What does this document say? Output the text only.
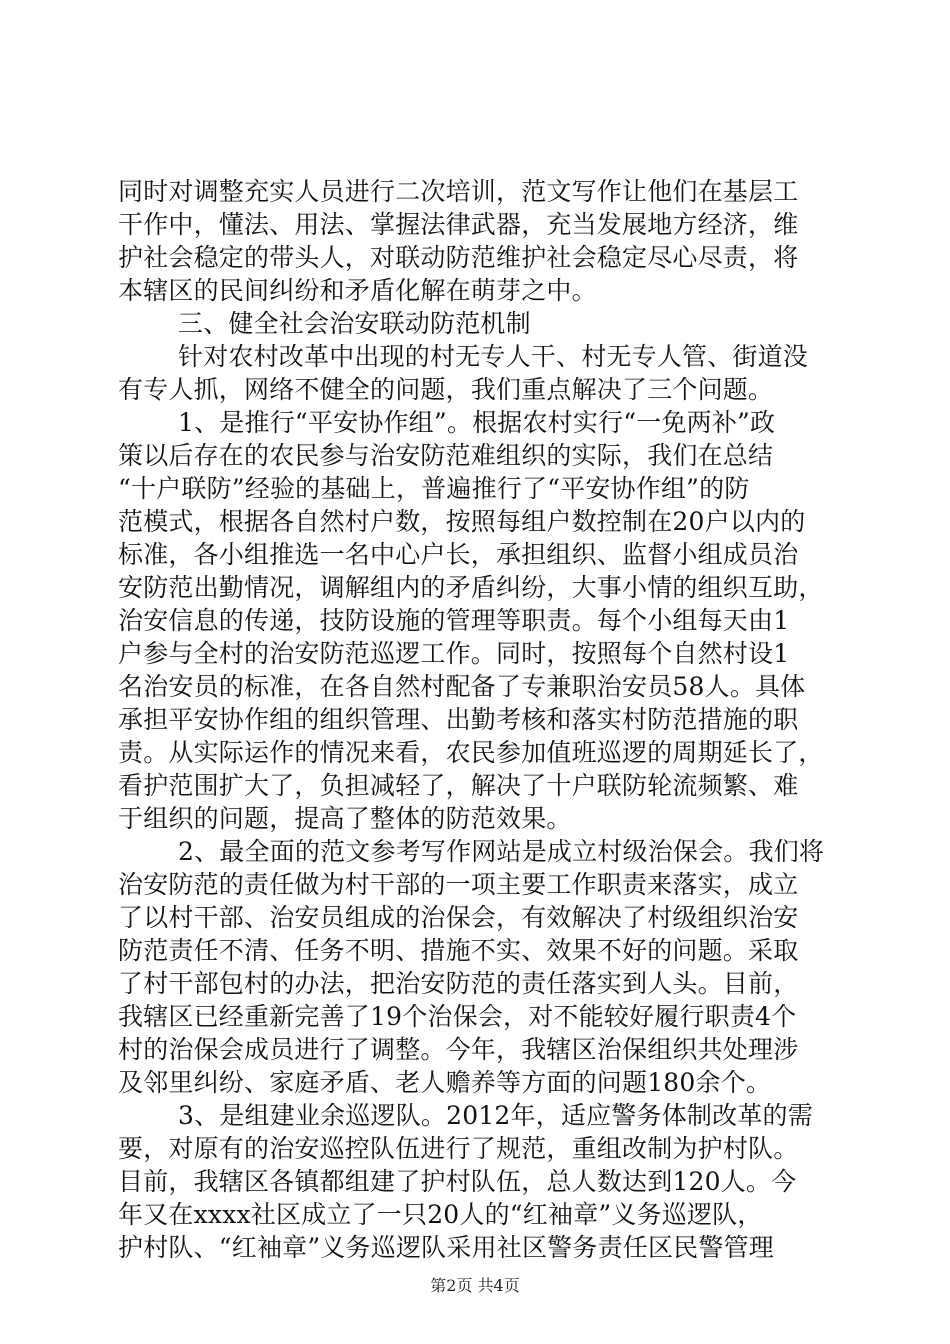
同时对调整充实人员进行二次培训，范文写作让他们在基层工
干作中，懂法、用法、掌握法律武器，充当发展地方经济，维
护社会稳定的带头人，对联动防范维护社会稳定尽心尽责，将
本辖区的民间纠纷和矛盾化解在萌芽之中。
三、健全社会治安联动防范机制
针对农村改革中出现的村无专人干、村无专人管、街道没
有专人抓，网络不健全的问题，我们重点解决了三个问题。
1、是推行“平安协作组”。根据农村实行“一免两补”政
策以后存在的农民参与治安防范难组织的实际，我们在总结
“十户联防”经验的基础上，普遍推行了“平安协作组”的防
范模式，根据各自然村户数，按照每组户数控制在20户以内的
标准，各小组推选一名中心户长，承担组织、监督小组成员治
安防范出勤情况，调解组内的矛盾纠纷，大事小情的组织互助，
治安信息的传递，技防设施的管理等职责。每个小组每天由1
户参与全村的治安防范巡逻工作。同时，按照每个自然村设1
名治安员的标准，在各自然村配备了专兼职治安员58人。具体
承担平安协作组的组织管理、出勤考核和落实村防范措施的职
责。从实际运作的情况来看，农民参加值班巡逻的周期延长了，
看护范围扩大了，负担减轻了，解决了十户联防轮流频繁、难
于组织的问题，提高了整体的防范效果。
2、最全面的范文参考写作网站是成立村级治保会。我们将
治安防范的责任做为村干部的一项主要工作职责来落实，成立
了以村干部、治安员组成的治保会，有效解决了村级组织治安
防范责任不清、任务不明、措施不实、效果不好的问题。采取
了村干部包村的办法，把治安防范的责任落实到人头。目前，
我辖区已经重新完善了19个治保会，对不能较好履行职责4个
村的治保会成员进行了调整。今年，我辖区治保组织共处理涉
及邻里纠纷、家庭矛盾、老人赡养等方面的问题180余个。
3、是组建业余巡逻队。2012年，适应警务体制改革的需
要，对原有的治安巡控队伍进行了规范，重组改制为护村队。
目前，我辖区各镇都组建了护村队伍，总人数达到120人。今
年又在xxxx社区成立了一只20人的“红袖章”义务巡逻队，
护村队、“红袖章”义务巡逻队采用社区警务责任区民警管理
第2页 共4页
